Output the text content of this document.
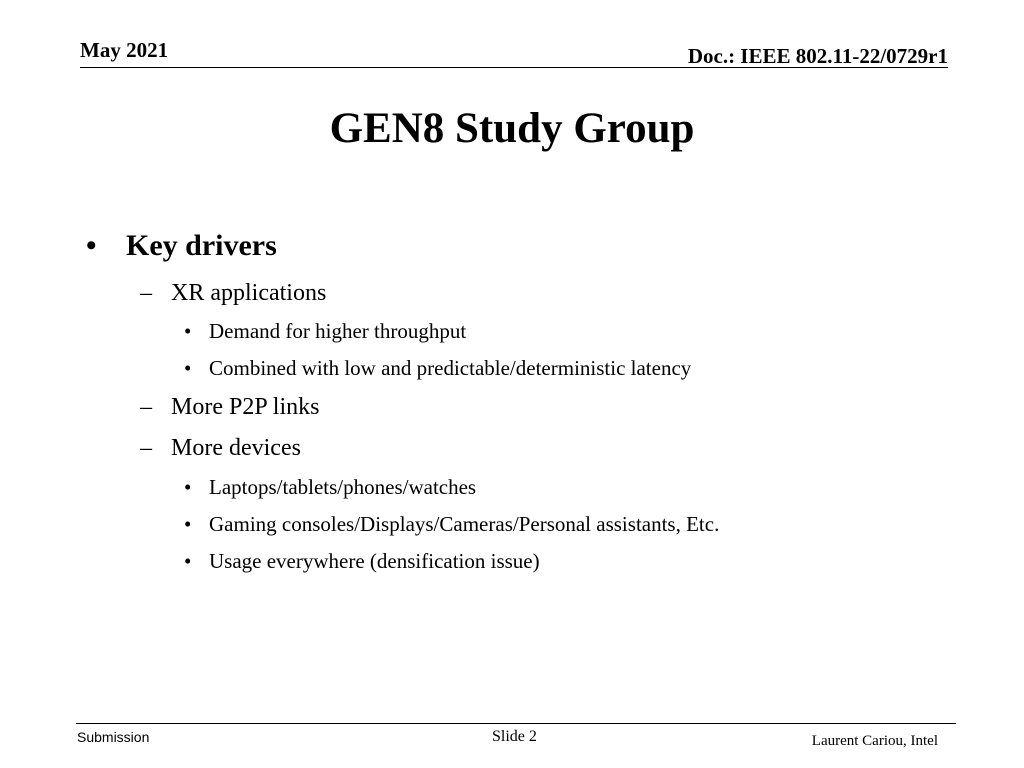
May 2021	Doc.: IEEE 802.11-22/0729r1
GEN8 Study Group
• Key drivers
– XR applications
• Demand for higher throughput
• Combined with low and predictable/deterministic latency
– More P2P links
– More devices
• Laptops/tablets/phones/watches
• Gaming consoles/Displays/Cameras/Personal assistants, Etc.
• Usage everywhere (densification issue)
Submission	Slide 2	Laurent Cariou, Intel
